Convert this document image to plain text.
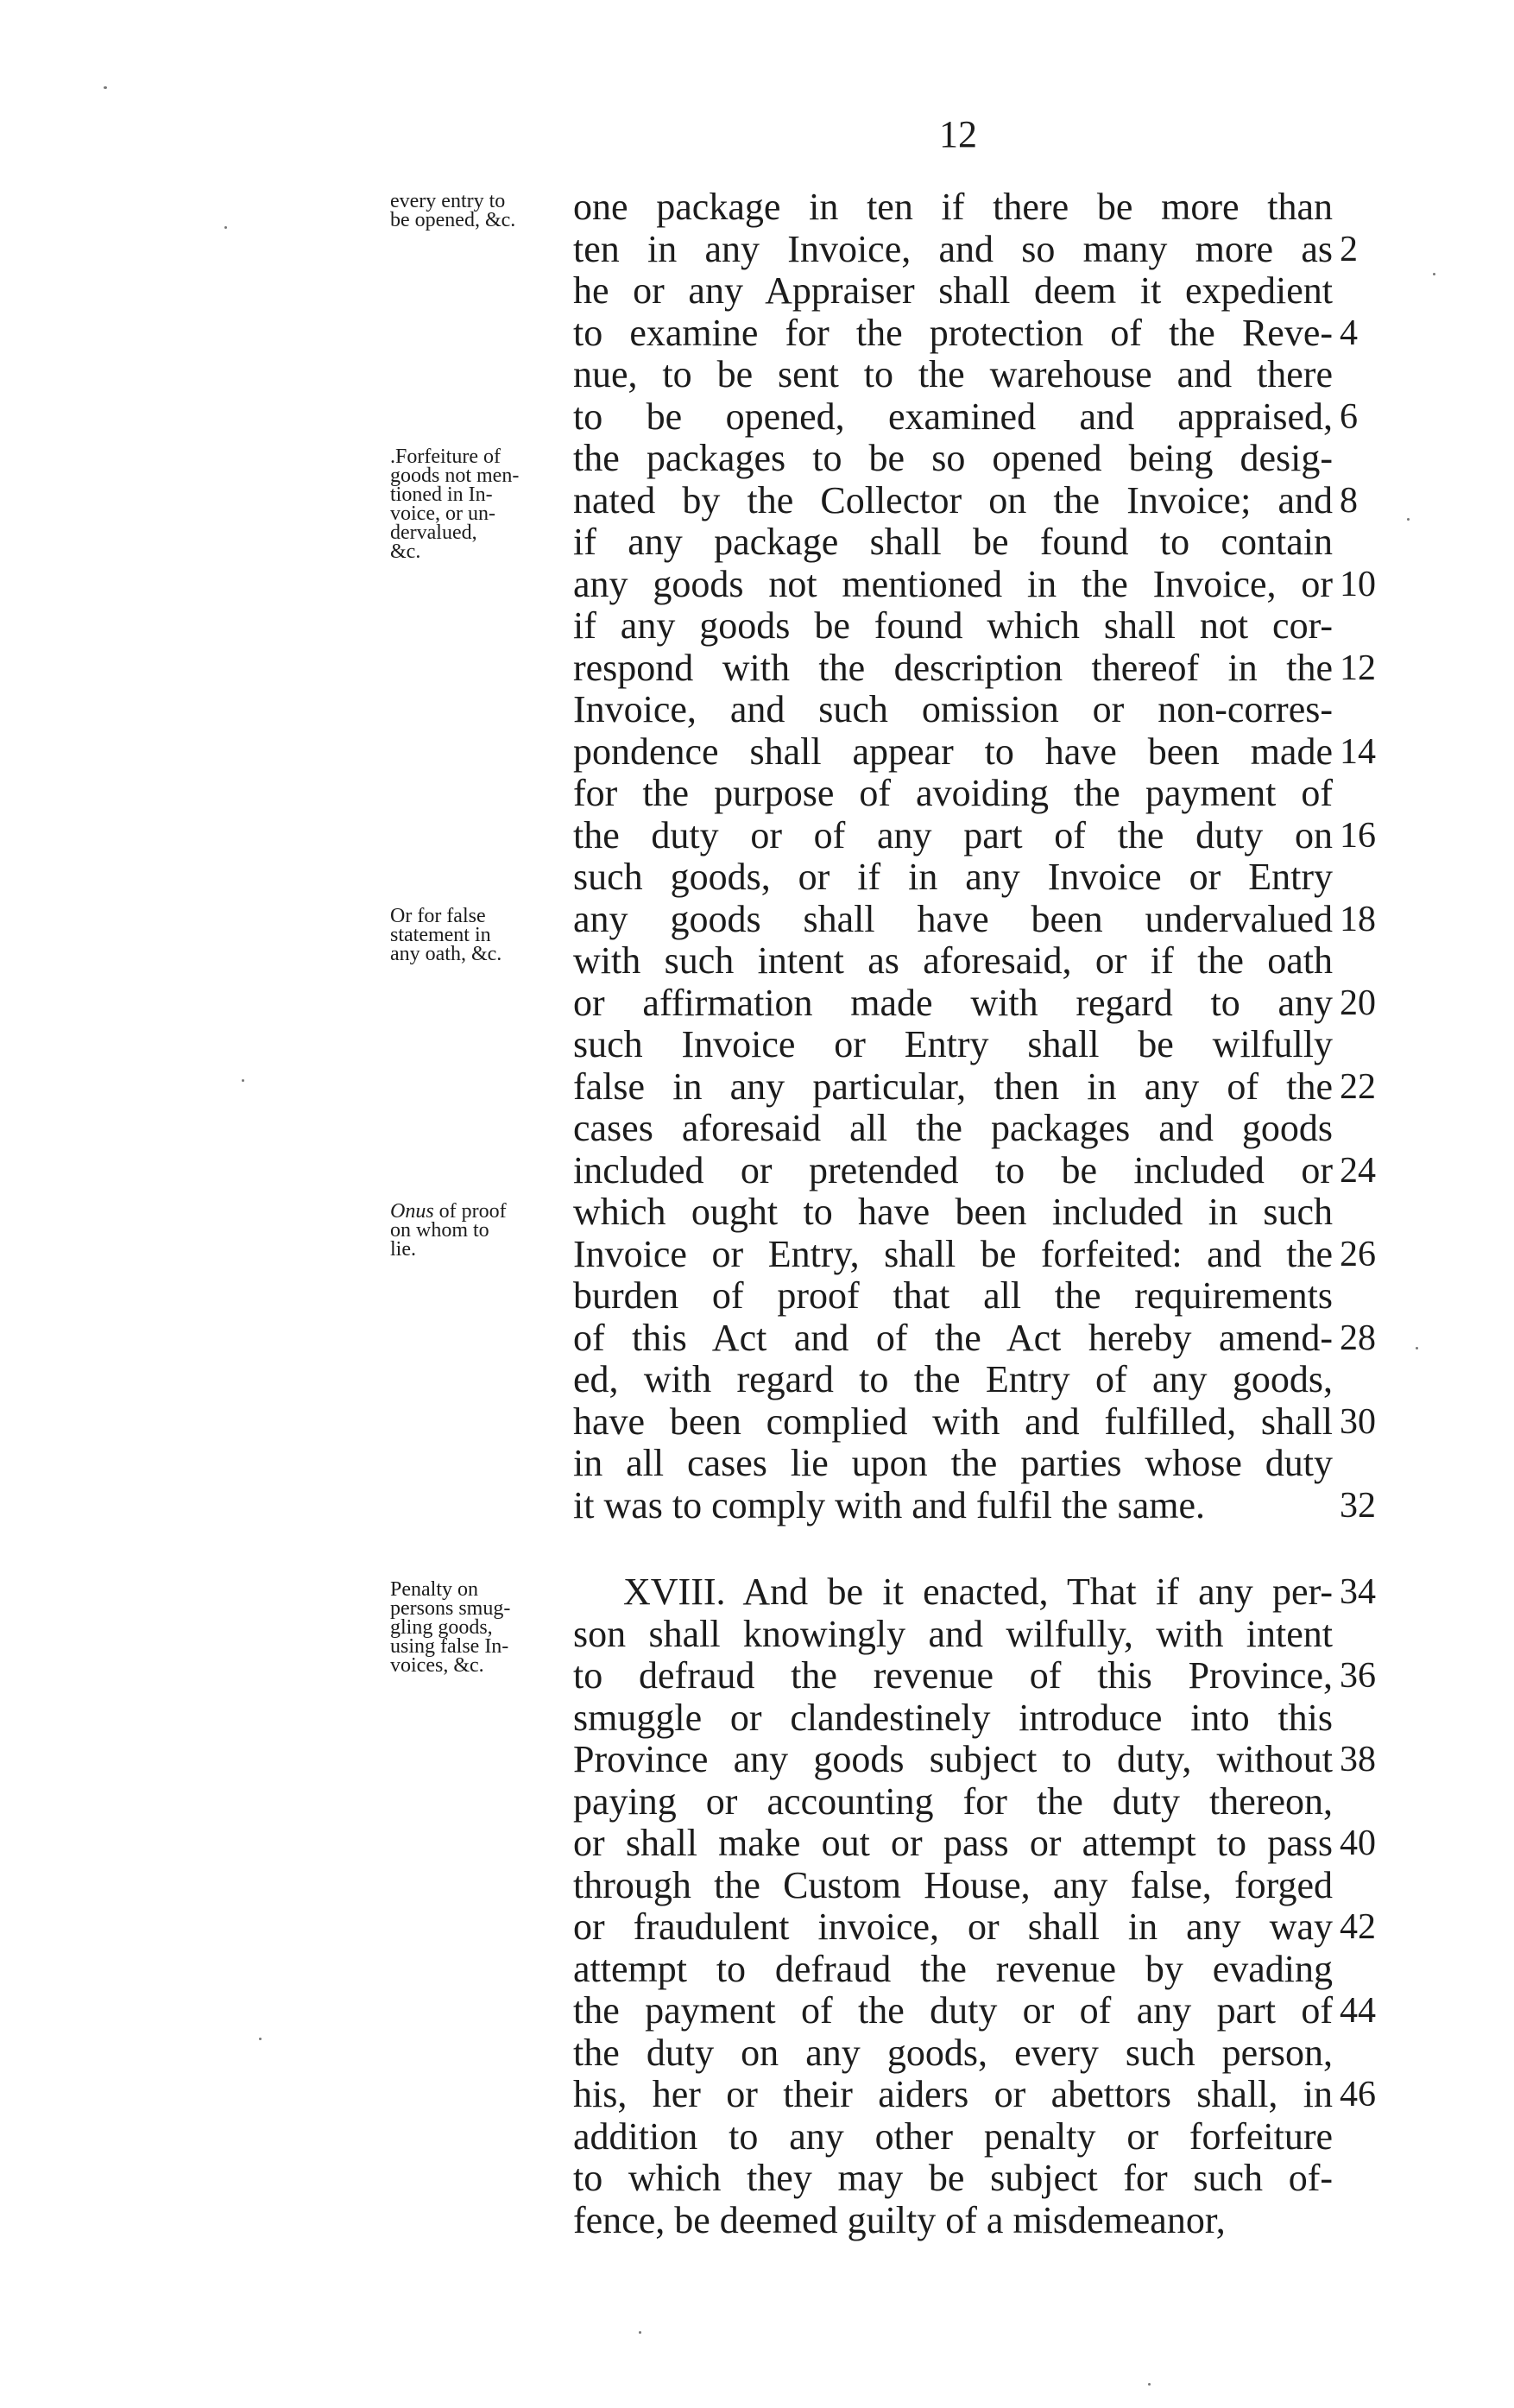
12
every entry to
be opened, &c.
.Forfeiture of
goods not men-
tioned in In-
voice, or un-
dervalued,
&c.
Or for false
statement in
any oath, &c.
Onus of proof
on whom to
lie.
Penalty on
persons smug-
gling goods,
using false In-
voices, &c.
one package in ten if there be more than
ten in any Invoice, and so many more as
he or any Appraiser shall deem it expedient
to examine for the protection of the Reve-
nue, to be sent to the warehouse and there
to be opened, examined and appraised,
the packages to be so opened being desig-
nated by the Collector on the Invoice; and
if any package shall be found to contain
any goods not mentioned in the Invoice, or
if any goods be found which shall not cor-
respond with the description thereof in the
Invoice, and such omission or non-corres-
pondence shall appear to have been made
for the purpose of avoiding the payment of
the duty or of any part of the duty on
such goods, or if in any Invoice or Entry
any goods shall have been undervalued
with such intent as aforesaid, or if the oath
or affirmation made with regard to any
such Invoice or Entry shall be wilfully
false in any particular, then in any of the
cases aforesaid all the packages and goods
included or pretended to be included or
which ought to have been included in such
Invoice or Entry, shall be forfeited: and the
burden of proof that all the requirements
of this Act and of the Act hereby amend-
ed, with regard to the Entry of any goods,
have been complied with and fulfilled, shall
in all cases lie upon the parties whose duty
it was to comply with and fulfil the same.
XVIII. And be it enacted, That if any per-
son shall knowingly and wilfully, with intent
to defraud the revenue of this Province,
smuggle or clandestinely introduce into this
Province any goods subject to duty, without
paying or accounting for the duty thereon,
or shall make out or pass or attempt to pass
through the Custom House, any false, forged
or fraudulent invoice, or shall in any way
attempt to defraud the revenue by evading
the payment of the duty or of any part of
the duty on any goods, every such person,
his, her or their aiders or abettors shall, in
addition to any other penalty or forfeiture
to which they may be subject for such of-
fence, be deemed guilty of a misdemeanor,
2
4
6
8
10
12
14
16
18
20
22
24
26
28
30
32
34
36
38
40
42
44
46
